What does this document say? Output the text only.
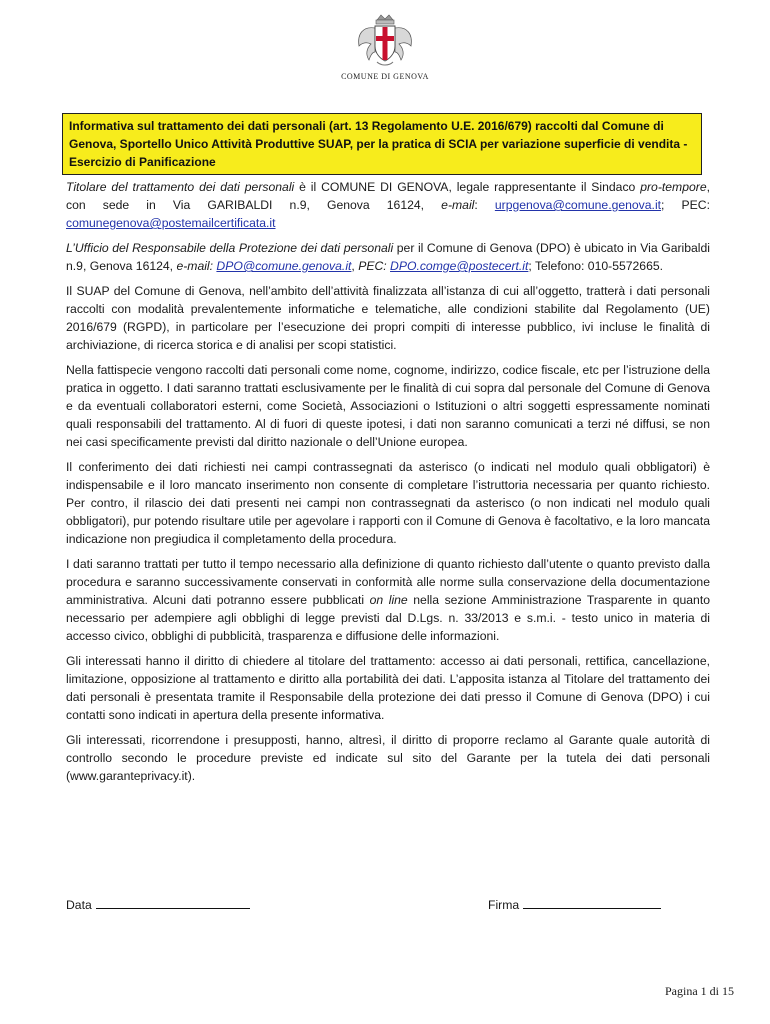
COMUNE DI GENOVA
Informativa sul trattamento dei dati personali (art. 13 Regolamento U.E. 2016/679) raccolti dal Comune di Genova, Sportello Unico Attività Produttive SUAP, per la pratica di SCIA per variazione superficie di vendita - Esercizio di Panificazione

Titolare del trattamento dei dati personali è il COMUNE DI GENOVA, legale rappresentante il Sindaco pro-tempore, con sede in Via GARIBALDI n.9, Genova 16124, e-mail: urpgenova@comune.genova.it; PEC: comunegenova@postemailcertificata.it

L’Ufficio del Responsabile della Protezione dei dati personali per il Comune di Genova (DPO) è ubicato in Via Garibaldi n.9, Genova 16124, e-mail: DPO@comune.genova.it, PEC: DPO.comge@postecert.it; Telefono: 010-5572665.

Il SUAP del Comune di Genova, nell’ambito dell’attività finalizzata all’istanza di cui all’oggetto, tratterà i dati personali raccolti con modalità prevalentemente informatiche e telematiche, alle condizioni stabilite dal Regolamento (UE) 2016/679 (RGPD), in particolare per l’esecuzione dei propri compiti di interesse pubblico, ivi incluse le finalità di archiviazione, di ricerca storica e di analisi per scopi statistici.

Nella fattispecie vengono raccolti dati personali come nome, cognome, indirizzo, codice fiscale, etc per l’istruzione della pratica in oggetto. I dati saranno trattati esclusivamente per le finalità di cui sopra dal personale del Comune di Genova e da eventuali collaboratori esterni, come Società, Associazioni o Istituzioni o altri soggetti espressamente nominati quali responsabili del trattamento. Al di fuori di queste ipotesi, i dati non saranno comunicati a terzi né diffusi, se non nei casi specificamente previsti dal diritto nazionale o dell’Unione europea.

Il conferimento dei dati richiesti nei campi contrassegnati da asterisco (o indicati nel modulo quali obbligatori) è indispensabile e il loro mancato inserimento non consente di completare l’istruttoria necessaria per quanto richiesto. Per contro, il rilascio dei dati presenti nei campi non contrassegnati da asterisco (o non indicati nel modulo quali obbligatori), pur potendo risultare utile per agevolare i rapporti con il Comune di Genova è facoltativo, e la loro mancata indicazione non pregiudica il completamento della procedura.

I dati saranno trattati per tutto il tempo necessario alla definizione di quanto richiesto dall’utente o quanto previsto dalla procedura e saranno successivamente conservati in conformità alle norme sulla conservazione della documentazione amministrativa. Alcuni dati potranno essere pubblicati on line nella sezione Amministrazione Trasparente in quanto necessario per adempiere agli obblighi di legge previsti dal D.Lgs. n. 33/2013 e s.m.i. - testo unico in materia di accesso civico, obblighi di pubblicità, trasparenza e diffusione delle informazioni.

Gli interessati hanno il diritto di chiedere al titolare del trattamento: accesso ai dati personali, rettifica, cancellazione, limitazione, opposizione al trattamento e diritto alla portabilità dei dati. L’apposita istanza al Titolare del trattamento dei dati personali è presentata tramite il Responsabile della protezione dei dati presso il Comune di Genova (DPO) i cui contatti sono indicati in apertura della presente informativa.

Gli interessati, ricorrendone i presupposti, hanno, altresì, il diritto di proporre reclamo al Garante quale autorità di controllo secondo le procedure previste ed indicate sul sito del Garante per la tutela dei dati personali (www.garanteprivacy.it).

Data	Firma
Pagina 1 di 15
